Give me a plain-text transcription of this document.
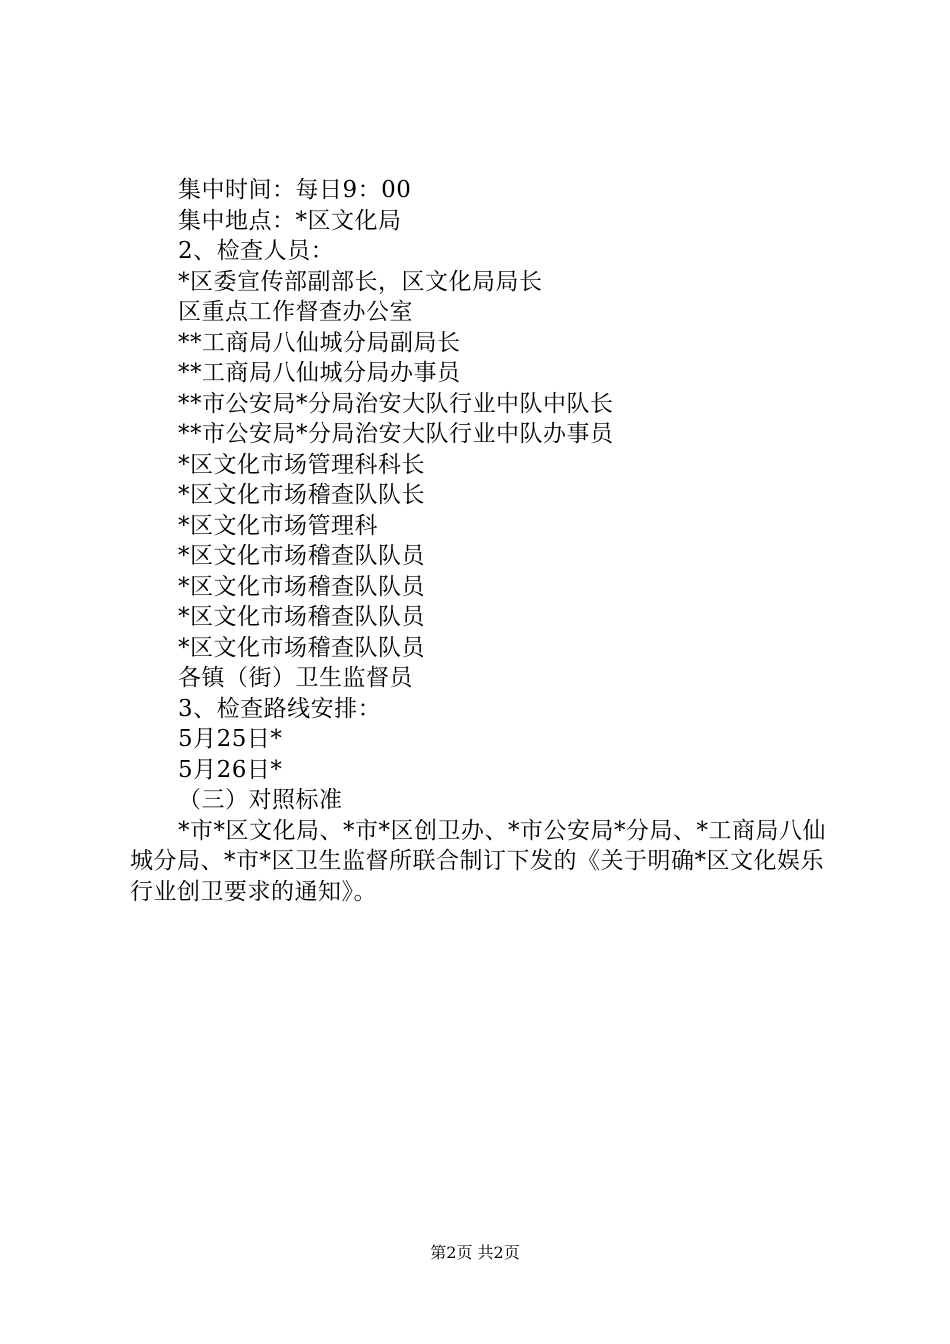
集中时间：每日9：00
集中地点：*区文化局
2、检查人员：
*区委宣传部副部长，区文化局局长
区重点工作督查办公室
**工商局八仙城分局副局长
**工商局八仙城分局办事员
**市公安局*分局治安大队行业中队中队长
**市公安局*分局治安大队行业中队办事员
*区文化市场管理科科长
*区文化市场稽查队队长
*区文化市场管理科
*区文化市场稽查队队员
*区文化市场稽查队队员
*区文化市场稽查队队员
*区文化市场稽查队队员
各镇（街）卫生监督员
3、检查路线安排：
5月25日*
5月26日*
（三）对照标准
*市*区文化局、*市*区创卫办、*市公安局*分局、*工商局八仙城分局、*市*区卫生监督所联合制订下发的《关于明确*区文化娱乐行业创卫要求的通知》。
第2页 共2页
